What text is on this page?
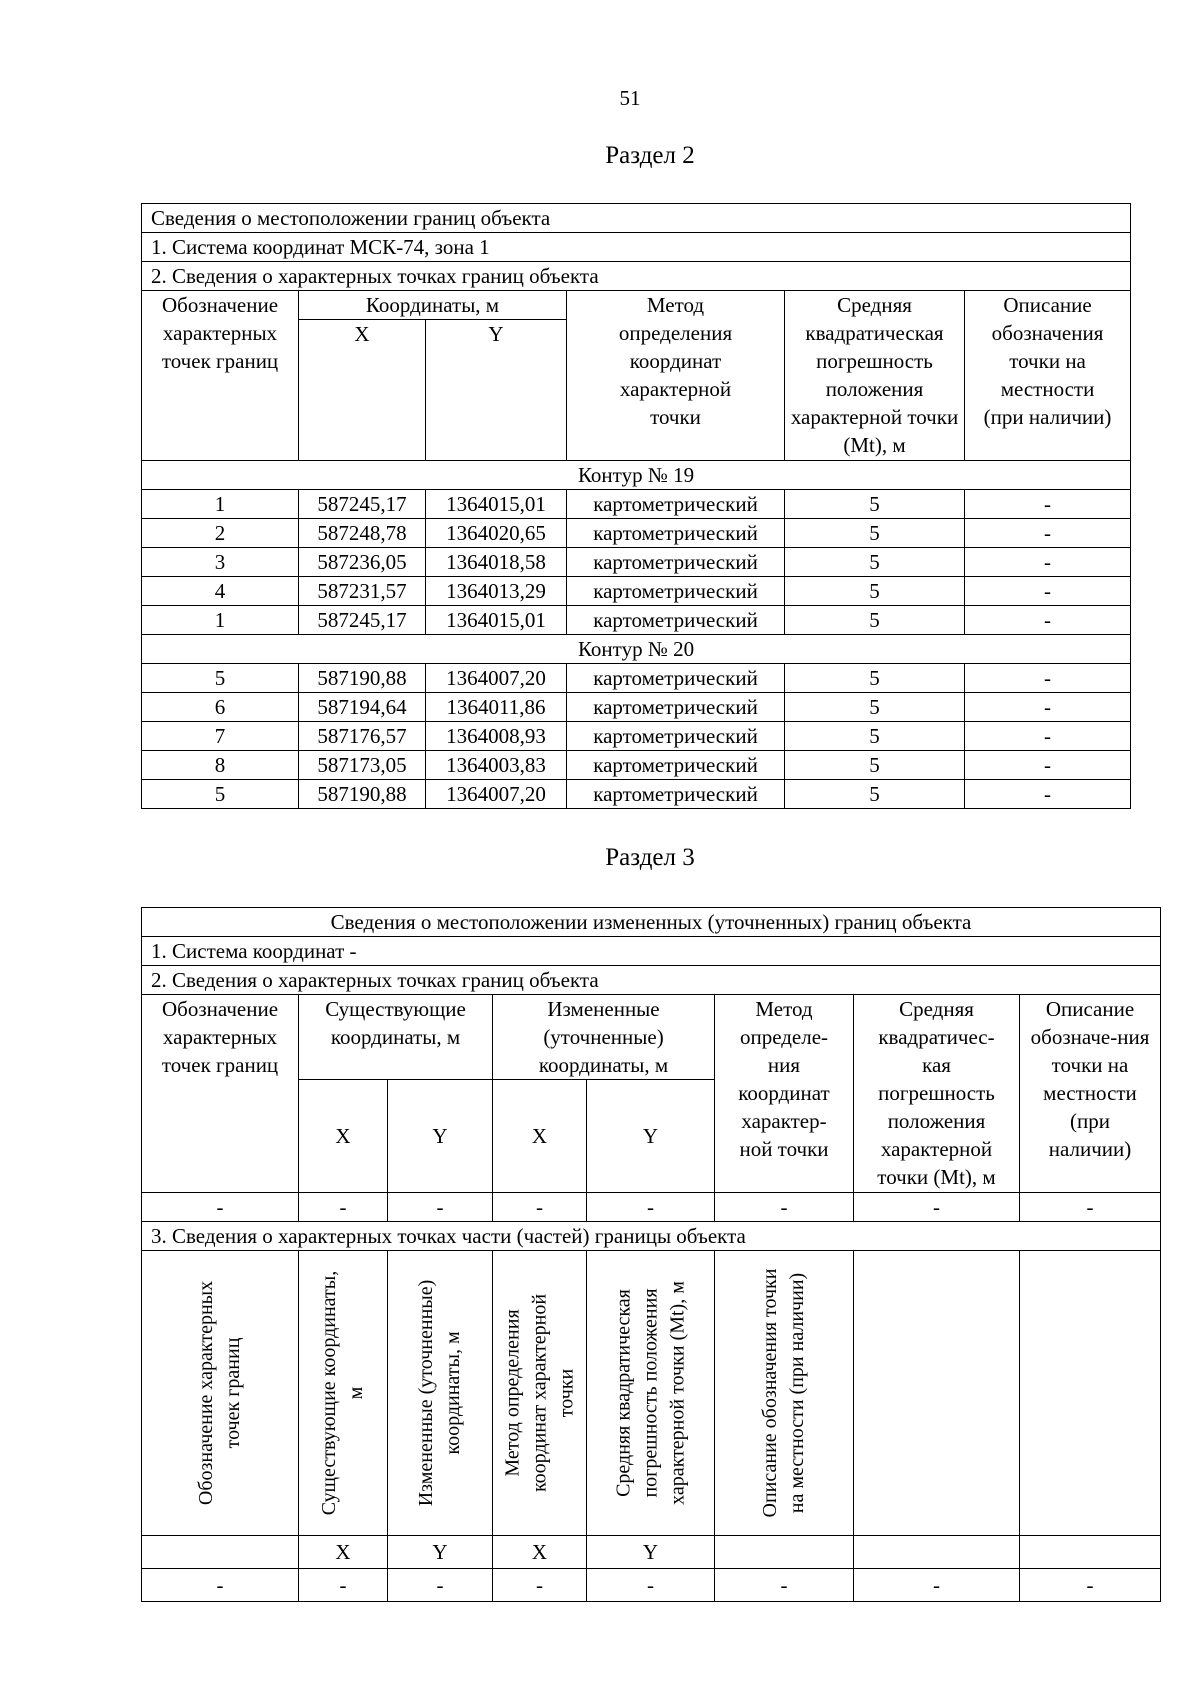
51
Раздел 2
Сведения о местоположении границ объекта					
1. Система координат МСК-74, зона 1					
2. Сведения о характерных точках границ объекта					
Обозначение характерных точек границ	Координаты, м		Метод определения координат характерной точки	Средняя квадратическая погрешность положения характерной точки (Mt), м	Описание обозначения точки на местности (при наличии)
	X	Y			
Контур № 19					
1	587245,17	1364015,01	картометрический	5	-
2	587248,78	1364020,65	картометрический	5	-
3	587236,05	1364018,58	картометрический	5	-
4	587231,57	1364013,29	картометрический	5	-
1	587245,17	1364015,01	картометрический	5	-
Контур № 20					
5	587190,88	1364007,20	картометрический	5	-
6	587194,64	1364011,86	картометрический	5	-
7	587176,57	1364008,93	картометрический	5	-
8	587173,05	1364003,83	картометрический	5	-
5	587190,88	1364007,20	картометрический	5	-
Раздел 3
Сведения о местоположении измененных (уточненных) границ объекта							
1. Система координат -							
2. Сведения о характерных точках границ объекта							
Обозначение характерных точек границ	Существующие координаты, м		Измененные (уточненные) координаты, м		Метод определе-ния координат характер-ной точки	Средняя квадратичес-кая погрешность положения характерной точки (Mt), м	Описание обозначе-ния точки на местности (при наличии)
	X	Y	X	Y			
-	-	-	-	-	-	-	-
3. Сведения о характерных точках части (частей) границы объекта							

Обозначение характерных точек границ	Существующие координаты, м	Измененные (уточненные) координаты, м	Метод определения координат характерной точки	Средняя квадратическая погрешность положения характерной точки (Mt), м	Описание обозначения точки на местности (при наличии)		

	X	Y	X	Y			
-	-	-	-	-	-	-	-
